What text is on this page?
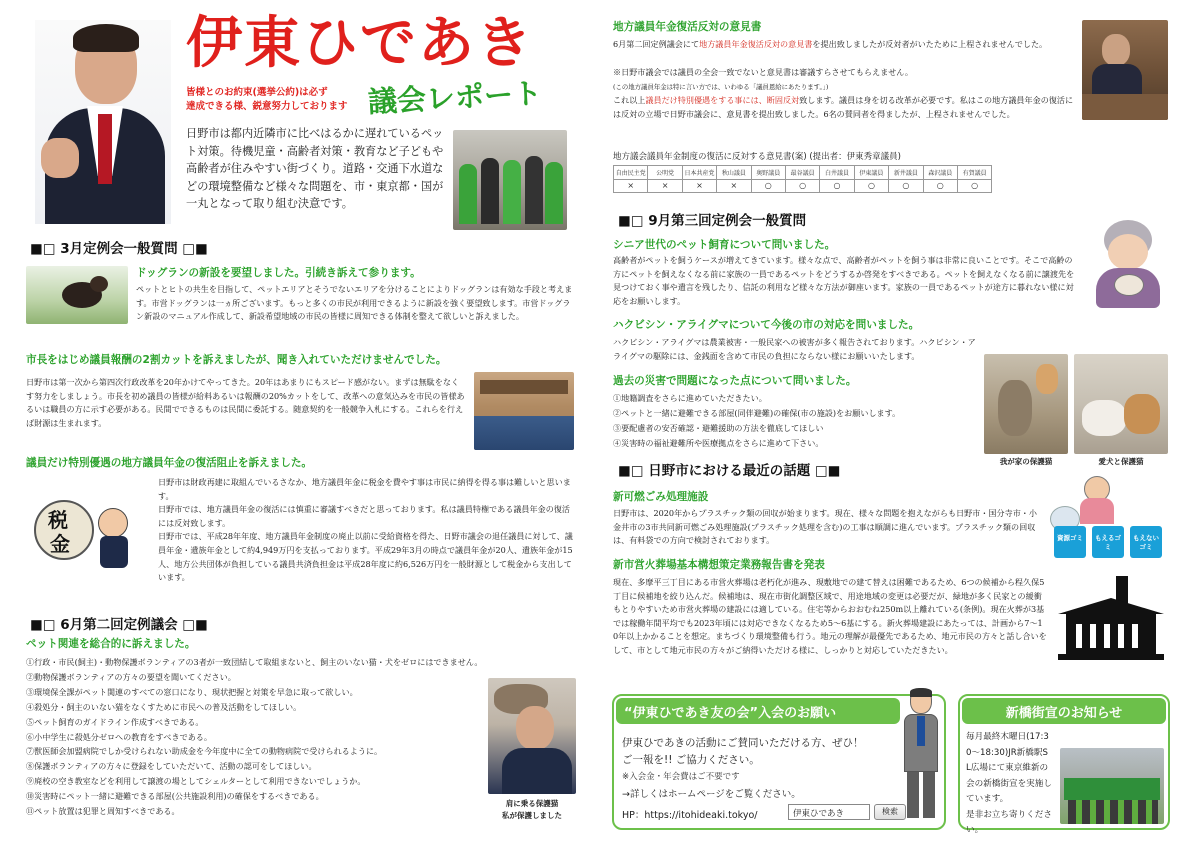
伊東ひであき
皆様とのお約束(選挙公約)は必ず
達成できる様、鋭意努力しております 議会レポート
日野市は都内近隣市に比べはるかに遅れているペット対策。待機児童・高齢者対策・教育など子どもや高齢者が住みやすい街づくり。道路・交通下水道などの環境整備など様々な問題を、市・東京都・国が一丸となって取り組む決意です。
■□ 3月定例会一般質問 □■
ドッグランの新設を要望しました。引続き訴えて参ります。
ペットとヒトの共生を目指して、ペットエリアとそうでないエリアを分けることによりドッグランは有効な手段と考えます。市営ドッグランは一ヵ所ございます。もっと多くの市民が利用できるように新設を強く要望致します。市営ドッグラン新設のマニュアル作成して、新設希望地域の市民の皆様に周知できる体制を整えて欲しいと訴えました。
市長をはじめ議員報酬の2割カットを訴えましたが、聞き入れていただけませんでした。
日野市は第一次から第四次行政改革を20年かけてやってきた。20年はあまりにもスピード感がない。まずは無駄をなくす努力をしましょう。市長を初め議員の皆様が給料あるいは報酬の20%カットをして、改革への意気込みを市民の皆様あるいは職員の方に示す必要がある。民間でできるものは民間に委託する。随意契約を一般競争入札にする。これらを行えば財源は生まれます。
議員だけ特別優遇の地方議員年金の復活阻止を訴えました。
税
金
日野市は財政再建に取組んでいるさなか、地方議員年金に税金を費やす事は市民に納得を得る事は難しいと思います。
日野市では、地方議員年金の復活には慎重に審議すべきだと思っております。私は議員特権である議員年金の復活には反対致します。
日野市では、平成28年年度、地方議員年金制度の廃止以前に受給資格を得た、日野市議会の退任議員に対して、議員年金・遺族年金として約4,949万円を支払っております。平成29年3月の時点で議員年金が20人、遺族年金が15人、地方公共団体が負担している議員共済負担金は平成28年度に約6,526万円を一般財源として税金から支出しています。
■□ 6月第二回定例議会 □■
ペット関連を総合的に訴えました。
①行政・市民(飼主)・動物保護ボランティアの3者が一致団結して取組まないと、飼主のいない猫・犬をゼロにはできません。
②動物保護ボランティアの方々の要望を聞いてください。
③環境保全課がペット関連のすべての窓口になり、現状把握と対策を早急に取って欲しい。
④殺処分・飼主のいない猫をなくすために市民への普及活動をしてほしい。
⑤ペット飼育のガイドライン作成すべきである。
⑥小中学生に殺処分ゼロへの教育をすべきである。
⑦獣医師会加盟病院でしか受けられない助成金を今年度中に全ての動物病院で受けられるように。
⑧保護ボランティアの方々に登録をしていただいて、活動の認可をしてほしい。
⑨廃校の空き教室などを利用して譲渡の場としてシェルターとして利用できないでしょうか。
⑩災害時にペット一緒に避難できる部屋(公共施設利用)の確保をするべきである。
⑪ペット放置は犯罪と周知すべきである。
肩に乗る保護猫
私が保護しました
地方議員年金復活反対の意見書
6月第二回定例議会にて地方議員年金復活反対の意見書を提出致しましたが反対者がいたために上程されませんでした。
※日野市議会では議員の全会一致でないと意見書は審議すらさせてもらえません。
(この地方議員年金は特に言い方では、いわゆる「議員恩給にあたります。」)
これ以上議員だけ特別優遇をする事には、断固反対致します。議員は身を切る改革が必要です。私はこの地方議員年金の復活には反対の立場で日野市議会に、意見書を提出致しました。6名の賛同者を得ましたが、上程されませんでした。
地方議会議員年金制度の復活に反対する意見書(案) (提出者：伊東秀章議員)
自由民主党	公明党	日本共産党	秋山議員	奥野議員	最谷議員	白井議員	伊東議員	新井議員	森沢議員	有賀議員
×	×	×	×	○	○	○	○	○	○	○
■□ 9月第三回定例会一般質問
シニア世代のペット飼育について問いました。
高齢者がペットを飼うケースが増えてきています。様々な点で、高齢者がペットを飼う事は非常に良いことです。そこで高齢の方にペットを飼えなくなる前に家族の一員であるペットをどうするか啓発をすべきである。ペットを飼えなくなる前に譲渡先を見つけておく事や遺言を残したり、信託の利用など様々な方法が御座います。家族の一員であるペットが途方に暮れない様に対応をお願いします。
ハクビシン・アライグマについて今後の市の対応を問いました。
ハクビシン・アライグマは農業被害・一般民家への被害が多く報告されております。ハクビシン・アライグマの駆除には、金銭面を含めて市民の負担にならない様にお願いいたします。
過去の災害で問題になった点について問いました。
①地籍調査をさらに進めていただきたい。
②ペットと一緒に避難できる部屋(同伴避難)の確保(市の施設)をお願いします。
③要配慮者の安否確認・避難援助の方法を徹底してほしい
④災害時の福祉避難所や医療拠点をさらに進めて下さい。
我が家の保護猫	愛犬と保護猫
■□ 日野市における最近の話題 □■
新可燃ごみ処理施設
日野市は、2020年からプラスチック類の回収が始まります。現在、様々な問題を抱えながらも日野市・国分寺市・小金井市の3市共同新可燃ごみ処理施設(プラスチック処理を含む)の工事は順調に進んでいます。プラスチック類の回収は、有料袋での方向で検討されております。	資源ゴミ	もえるゴミ
もえないゴミ
新市営火葬場基本構想策定業務報告書を発表
現在、多摩平三丁目にある市営火葬場は老朽化が進み、現敷地での建て替えは困難であるため、6つの候補から程久保5丁目に候補地を絞り込んだ。候補地は、現在市街化調整区域で、用途地域の変更は必要だが、緑地が多く民家との緩衝もとりやすいため市営火葬場の建設には適している。住宅等からおおむね250m以上離れている(条例)。現在火葬が3基では稼働年間平均でも2023年頃には対応できなくなるため5～6基にする。新火葬場建設にあたっては、計画から7～10年以上かかることを想定。まちづくり環境整備も行う。地元の理解が最優先であるため、地元市民の方々と話し合いをして、市として地元市民の方々がご納得いただける様に、しっかりと対応していただきたい。
“伊東ひであき友の会”入会のお願い
伊東ひであきの活動にご賛同いただける方、ぜひ！
ご一報を!! ご協力ください。
※入会金・年会費はご不要です
→詳しくはホームページをご覧ください。
HP：https://itohideaki.tokyo/	伊東ひであき	検索
新橋街宣のお知らせ
毎月最終木曜日(17:30～18:30)JR新橋駅SL広場にて東京維新の会の新橋街宣を実施しています。
是非お立ち寄りください。
